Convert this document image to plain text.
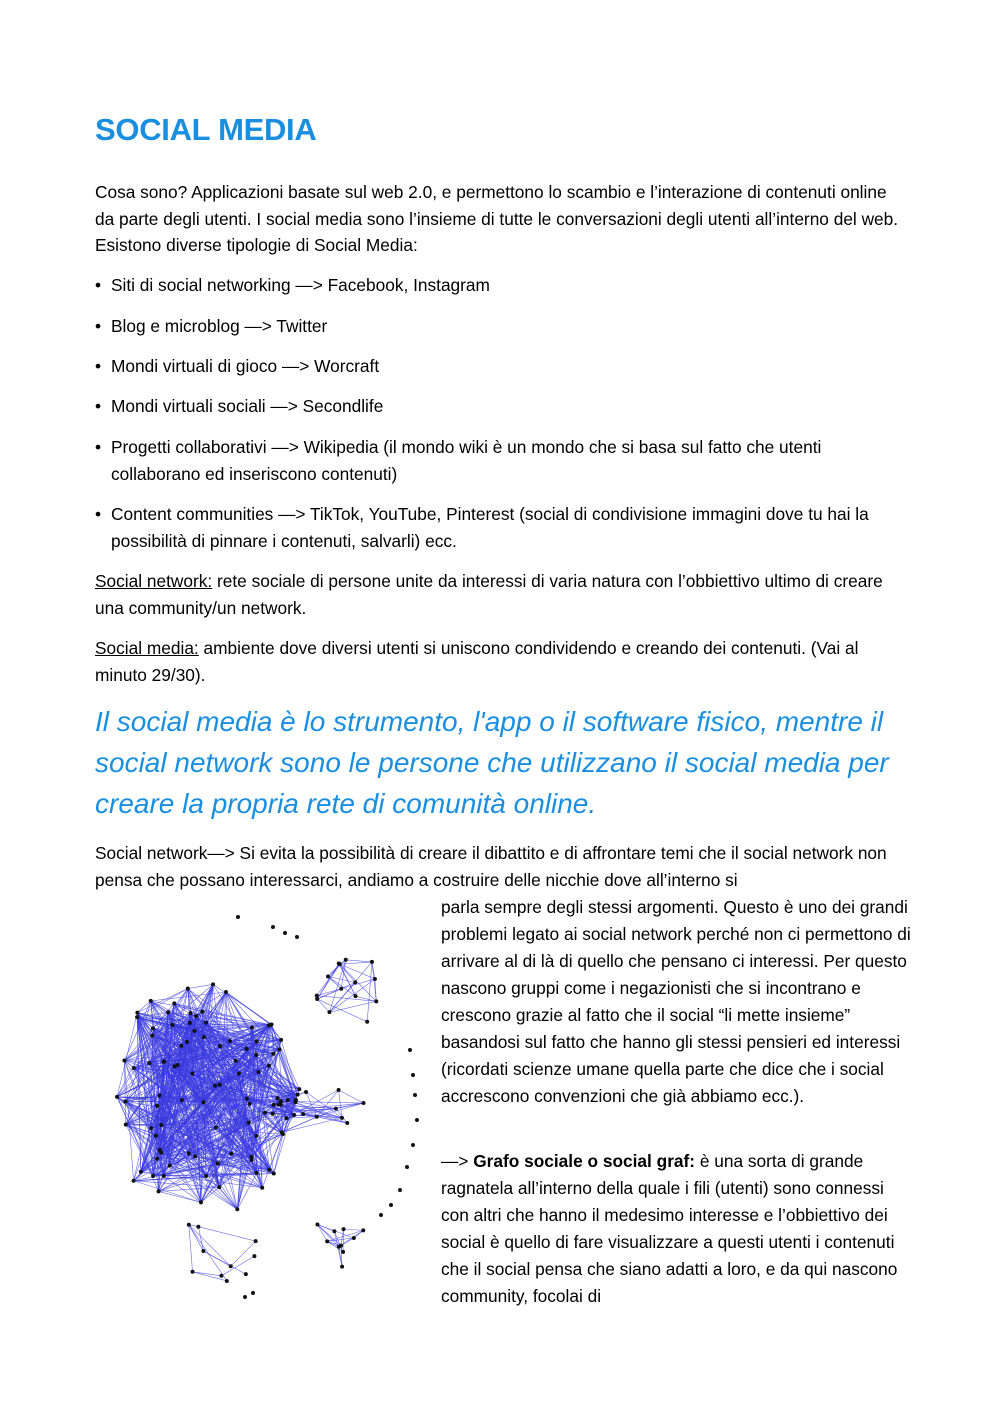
SOCIAL MEDIA

Cosa sono? Applicazioni basate sul web 2.0, e permettono lo scambio e l’interazione di contenuti online da parte degli utenti. I social media sono l’insieme di tutte le conversazioni degli utenti all’interno del web. Esistono diverse tipologie di Social Media:

• Siti di social networking —> Facebook, Instagram

• Blog e microblog —> Twitter

• Mondi virtuali di gioco —> Worcraft

• Mondi virtuali sociali —> Secondlife

• Progetti collaborativi —> Wikipedia (il mondo wiki è un mondo che si basa sul fatto che utenti collaborano ed inseriscono contenuti)

• Content communities —> TikTok, YouTube, Pinterest (social di condivisione immagini dove tu hai la possibilità di pinnare i contenuti, salvarli) ecc.

Social network: rete sociale di persone unite da interessi di varia natura con l’obbiettivo ultimo di creare una community/un network.

Social media: ambiente dove diversi utenti si uniscono condividendo e creando dei contenuti. (Vai al minuto 29/30).

Il social media è lo strumento, l'app o il software fisico, mentre il social network sono le persone che utilizzano il social media per creare la propria rete di comunità online.

Social network—> Si evita la possibilità di creare il dibattito e di affrontare temi che il social network non pensa che possano interessarci, andiamo a costruire delle nicchie dove all’interno si

parla sempre degli stessi argomenti. Questo è uno dei grandi problemi legato ai social network perché non ci permettono di arrivare al di là di quello che pensano ci interessi. Per questo nascono gruppi come i negazionisti che si incontrano e crescono grazie al fatto che il social “li mette insieme” basandosi sul fatto che hanno gli stessi pensieri ed interessi (ricordati scienze umane quella parte che dice che i social accrescono convenzioni che già abbiamo ecc.).

—> Grafo sociale o social graf: è una sorta di grande ragnatela all’interno della quale i fili (utenti) sono connessi con altri che hanno il medesimo interesse e l’obbiettivo dei social è quello di fare visualizzare a questi utenti i contenuti che il social pensa che siano adatti a loro, e da qui nascono community, focolai di
